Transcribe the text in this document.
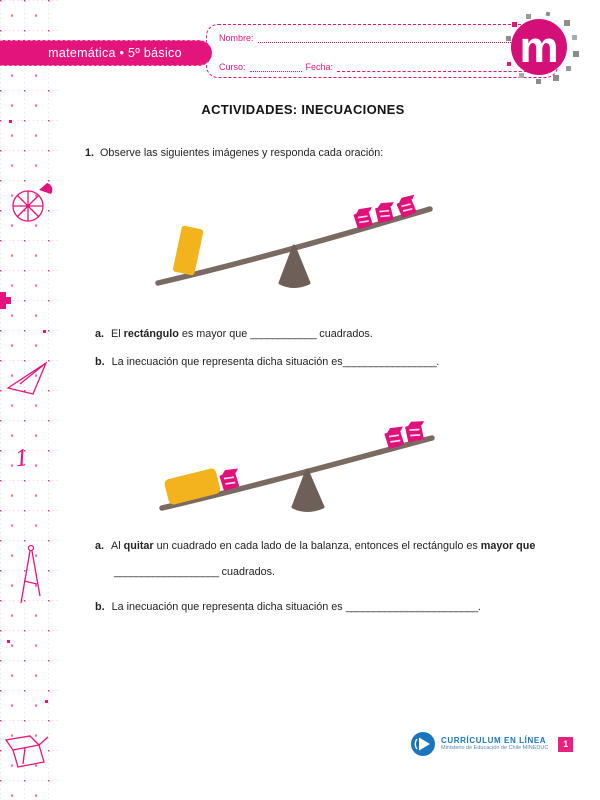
1
matemática • 5º básico
Nombre:
Curso:	Fecha:	m
ACTIVIDADES: INECUACIONES
1. Observe las siguientes imágenes y responda cada oración:
a. El rectángulo es mayor que ____________ cuadrados.
b. La inecuación que representa dicha situación es_________________.
a. Al quitar un cuadrado en cada lado de la balanza, entonces el rectángulo es mayor que
___________________ cuadrados.
b. La inecuación que representa dicha situación es ________________________.
CURRÍCULUM EN LÍNEA
Ministerio de Educación de Chile MINEDUC	1
